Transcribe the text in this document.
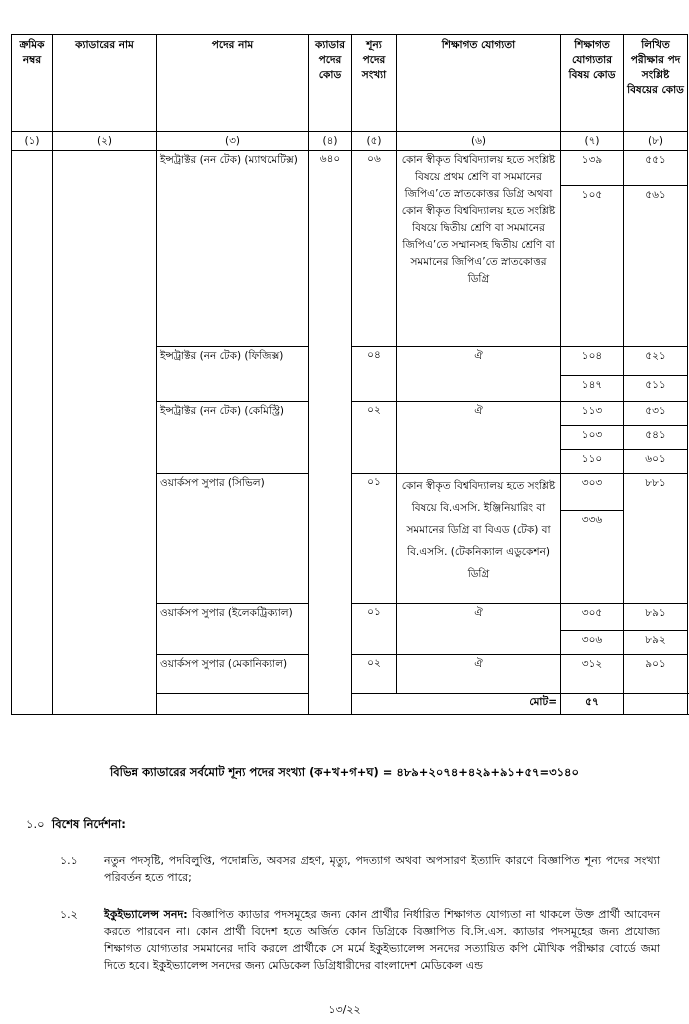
ক্রমিক নম্বর	ক্যাডারের নাম	পদের নাম	ক্যাডার পদের কোড	শূন্য পদের সংখ্যা	শিক্ষাগত যোগ্যতা	শিক্ষাগত যোগ্যতার বিষয় কোড	লিখিত পরীক্ষার পদ সংশ্লিষ্ট বিষয়ের কোড
(১)	(২)	(৩)	(৪)	(৫)	(৬)	(৭)	(৮)
		ইন্সট্রাক্টর (নন টেক) (ম্যাথমেটিক্স)	৬৪০	০৬	কোন স্বীকৃত বিশ্ববিদ্যালয় হতে সংশ্লিষ্ট বিষয়ে প্রথম শ্রেণি বা সমমানের জিপিএ’তে স্নাতকোত্তর ডিগ্রি অথবা কোন স্বীকৃত বিশ্ববিদ্যালয় হতে সংশ্লিষ্ট বিষয়ে দ্বিতীয় শ্রেণি বা সমমানের জিপিএ’তে সম্মানসহ দ্বিতীয় শ্রেণি বা সমমানের জিপিএ’তে স্নাতকোত্তর ডিগ্রি	১৩৯	৫৫১
						১০৫	৫৬১
		ইন্সট্রাক্টর (নন টেক) (ফিজিক্স)		০৪	ঐ	১০৪	৫২১
						১৪৭	৫১১
		ইন্সট্রাক্টর (নন টেক) (কেমিস্ট্রি)		০২	ঐ	১১৩	৫৩১
						১০৩	৫৪১
						১১০	৬০১
		ওয়ার্কসপ সুপার (সিভিল)		০১	কোন স্বীকৃত বিশ্ববিদ্যালয় হতে সংশ্লিষ্ট বিষয়ে বি.এসসি. ইঞ্জিনিয়ারিং বা সমমানের ডিগ্রি বা বিএড (টেক) বা বি.এসসি. (টেকনিক্যাল এডুকেশন) ডিগ্রি	৩০৩	৮৮১
						৩৩৬	
		ওয়ার্কসপ সুপার (ইলেকট্রিক্যাল)		০১	ঐ	৩০৫	৮৯১
						৩০৬	৮৯২
		ওয়ার্কসপ সুপার (মেকানিক্যাল)		০২	ঐ	৩১২	৯০১
		মোট=				৫৭	
বিভিন্ন ক্যাডারের সর্বমোট শূন্য পদের সংখ্যা (ক+খ+গ+ঘ) = ৪৮৯+২০৭৪+৪২৯+৯১+৫৭=৩১৪০
১.০ বিশেষ নির্দেশনা:
১.১	নতুন পদসৃষ্টি, পদবিলুপ্তি, পদোন্নতি, অবসর গ্রহণ, মৃত্যু, পদত্যাগ অথবা অপসারণ ইত্যাদি কারণে বিজ্ঞাপিত শূন্য পদের সংখ্যা পরিবর্তন হতে পারে;
১.২	ইকুইভ্যালেন্স সনদ: বিজ্ঞাপিত ক্যাডার পদসমূহের জন্য কোন প্রার্থীর নির্ধারিত শিক্ষাগত যোগ্যতা না থাকলে উক্ত প্রার্থী আবেদন করতে পারবেন না। কোন প্রার্থী বিদেশ হতে অর্জিত কোন ডিগ্রিকে বিজ্ঞাপিত বি.সি.এস. ক্যাডার পদসমূহের জন্য প্রযোজ্য শিক্ষাগত যোগ্যতার সমমানের দাবি করলে প্রার্থীকে সে মর্মে ইকুইভ্যালেন্স সনদের সত্যায়িত কপি মৌখিক পরীক্ষার বোর্ডে জমা দিতে হবে। ইকুইভ্যালেন্স সনদের জন্য মেডিকেল ডিগ্রিধারীদের বাংলাদেশ মেডিকেল এন্ড
১৩/২২
